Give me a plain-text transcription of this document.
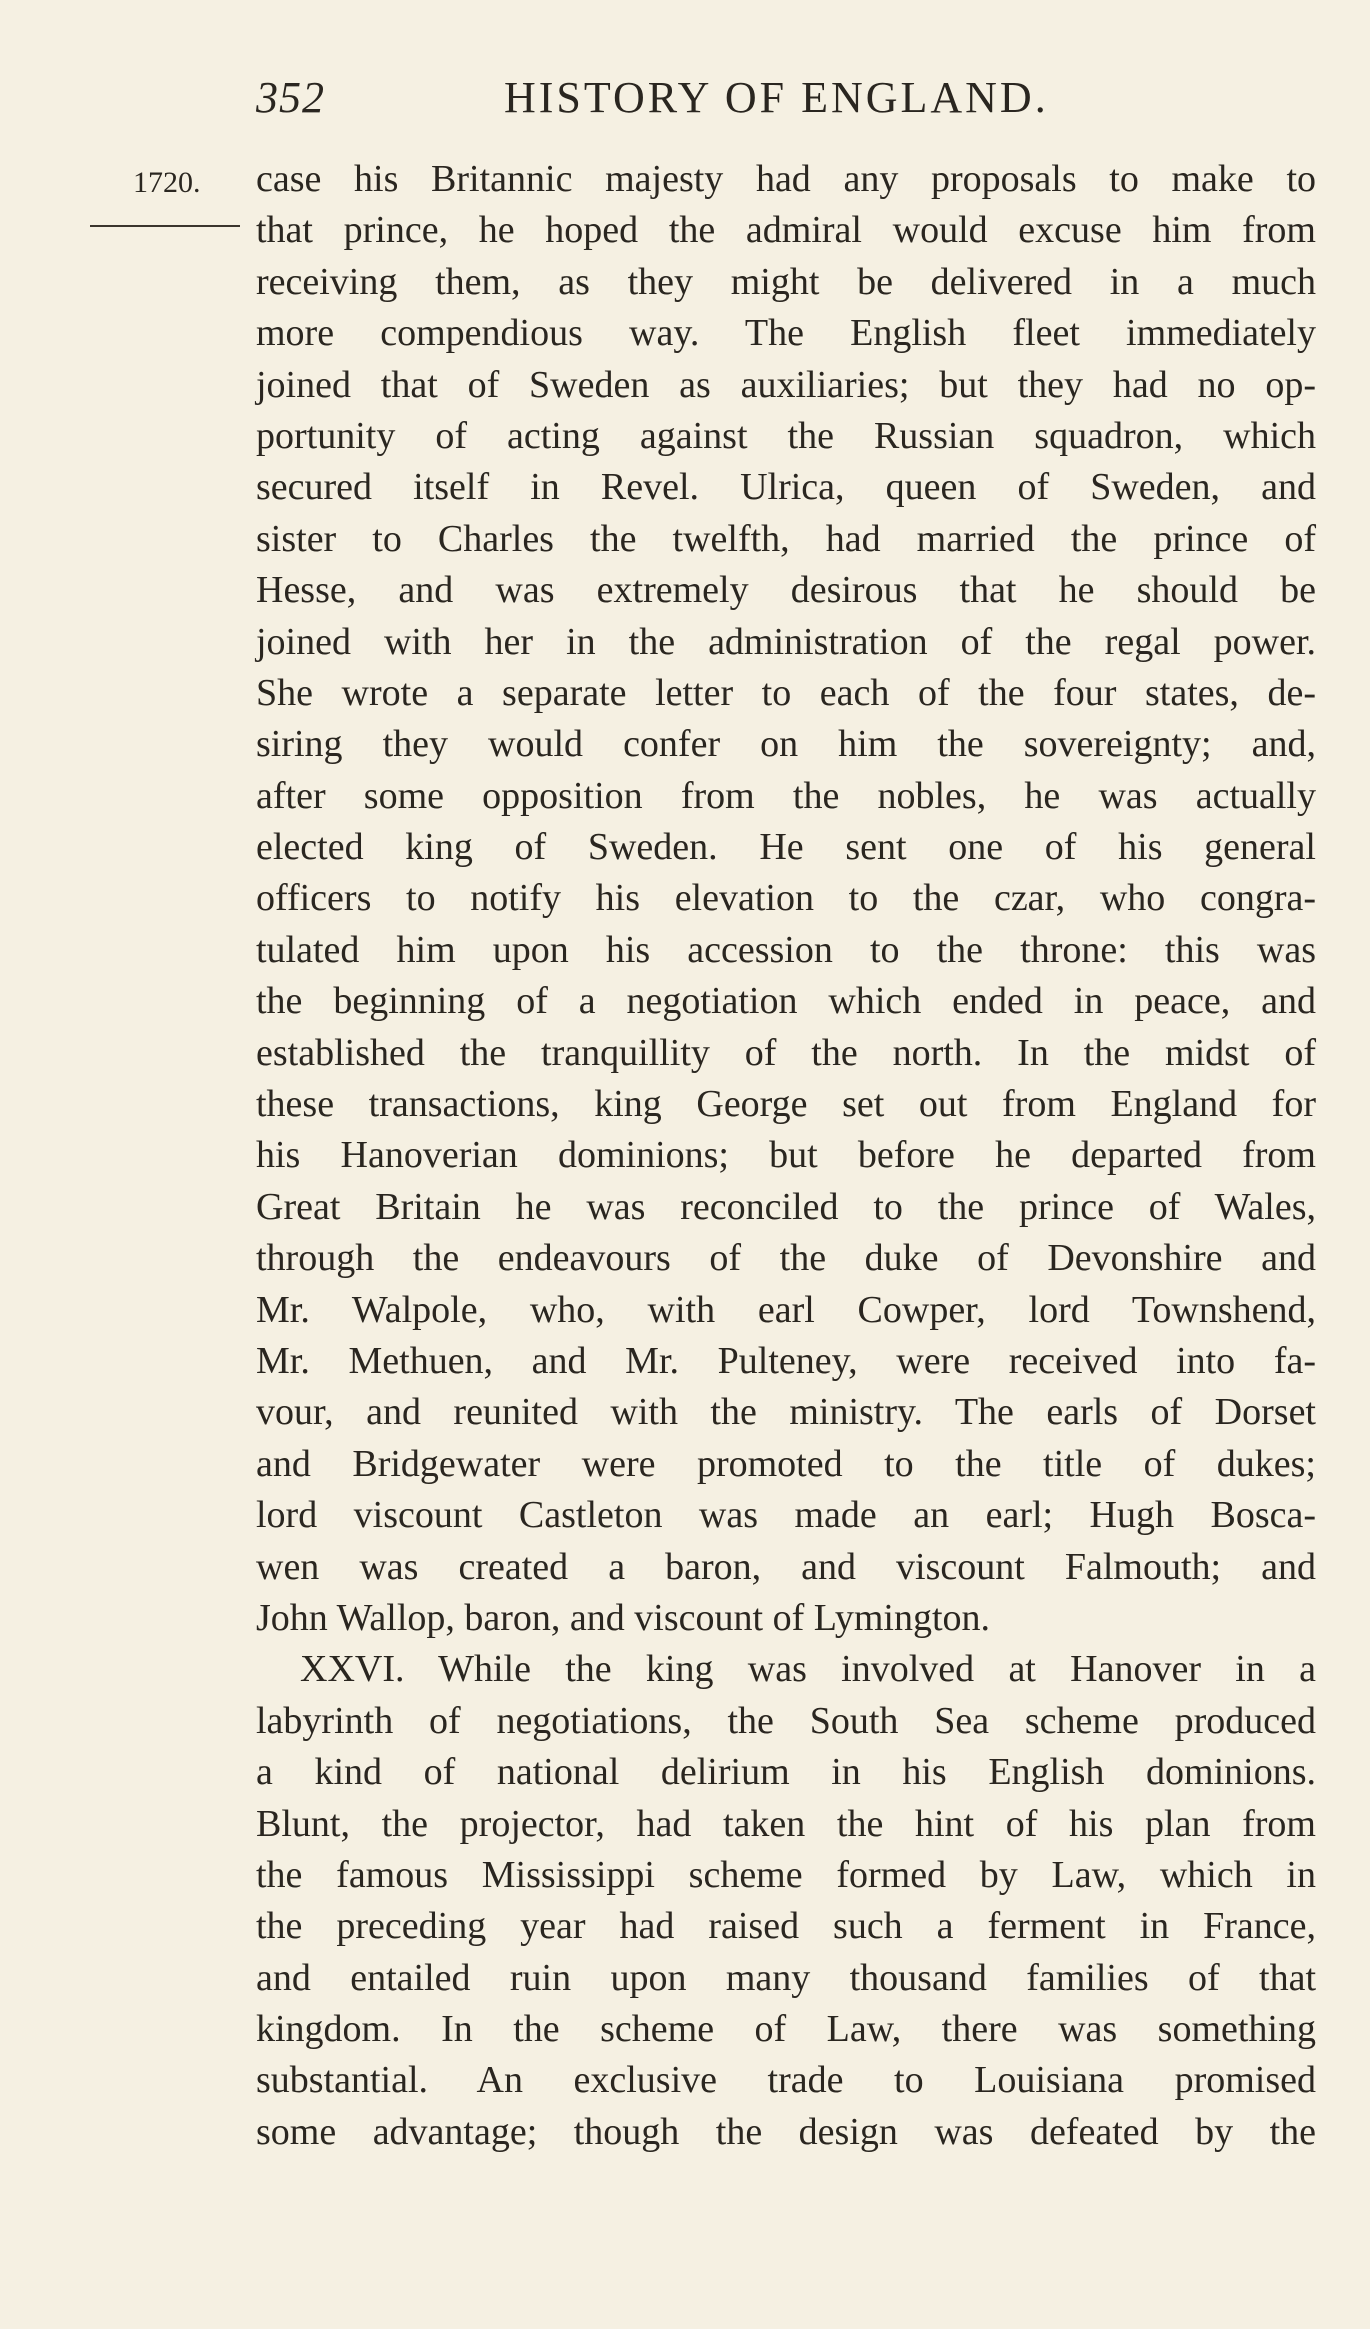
352	HISTORY OF ENGLAND.
1720. case his Britannic majesty had any proposals to make to
that prince, he hoped the admiral would excuse him from
receiving them, as they might be delivered in a much
more compendious way. The English fleet immediately
joined that of Sweden as auxiliaries; but they had no op-
portunity of acting against the Russian squadron, which
secured itself in Revel. Ulrica, queen of Sweden, and
sister to Charles the twelfth, had married the prince of
Hesse, and was extremely desirous that he should be
joined with her in the administration of the regal power.
She wrote a separate letter to each of the four states, de-
siring they would confer on him the sovereignty; and,
after some opposition from the nobles, he was actually
elected king of Sweden. He sent one of his general
officers to notify his elevation to the czar, who congra-
tulated him upon his accession to the throne: this was
the beginning of a negotiation which ended in peace, and
established the tranquillity of the north. In the midst of
these transactions, king George set out from England for
his Hanoverian dominions; but before he departed from
Great Britain he was reconciled to the prince of Wales,
through the endeavours of the duke of Devonshire and
Mr. Walpole, who, with earl Cowper, lord Townshend,
Mr. Methuen, and Mr. Pulteney, were received into fa-
vour, and reunited with the ministry. The earls of Dorset
and Bridgewater were promoted to the title of dukes;
lord viscount Castleton was made an earl; Hugh Bosca-
wen was created a baron, and viscount Falmouth; and
John Wallop, baron, and viscount of Lymington.
XXVI. While the king was involved at Hanover in a
labyrinth of negotiations, the South Sea scheme produced
a kind of national delirium in his English dominions.
Blunt, the projector, had taken the hint of his plan from
the famous Mississippi scheme formed by Law, which in
the preceding year had raised such a ferment in France,
and entailed ruin upon many thousand families of that
kingdom. In the scheme of Law, there was something
substantial. An exclusive trade to Louisiana promised
some advantage; though the design was defeated by the
